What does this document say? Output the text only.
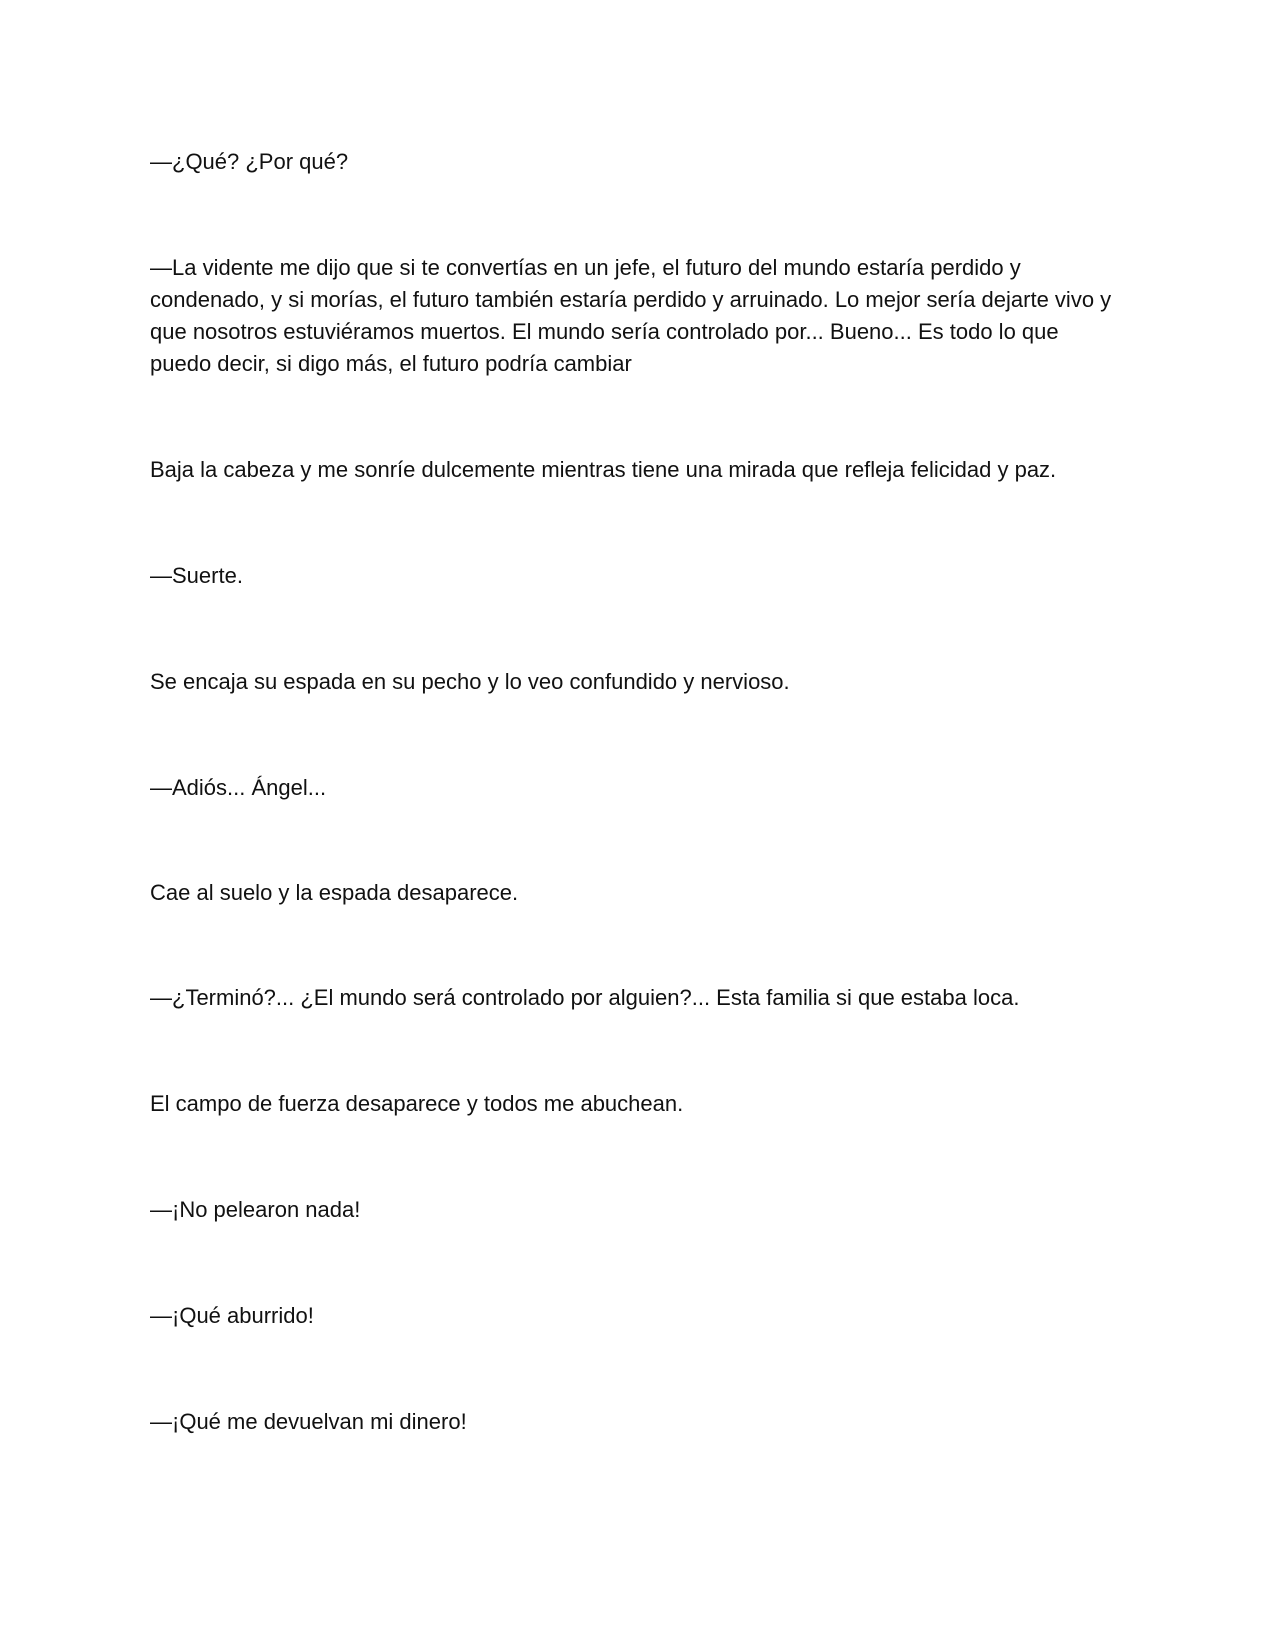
—¿Qué? ¿Por qué?

—La vidente me dijo que si te convertías en un jefe, el futuro del mundo estaría perdido y condenado, y si morías, el futuro también estaría perdido y arruinado. Lo mejor sería dejarte vivo y que nosotros estuviéramos muertos. El mundo sería controlado por... Bueno... Es todo lo que puedo decir, si digo más, el futuro podría cambiar

Baja la cabeza y me sonríe dulcemente mientras tiene una mirada que refleja felicidad y paz.

—Suerte.

Se encaja su espada en su pecho y lo veo confundido y nervioso.

—Adiós... Ángel...

Cae al suelo y la espada desaparece.

—¿Terminó?... ¿El mundo será controlado por alguien?... Esta familia si que estaba loca.

El campo de fuerza desaparece y todos me abuchean.

—¡No pelearon nada!

—¡Qué aburrido!

—¡Qué me devuelvan mi dinero!
